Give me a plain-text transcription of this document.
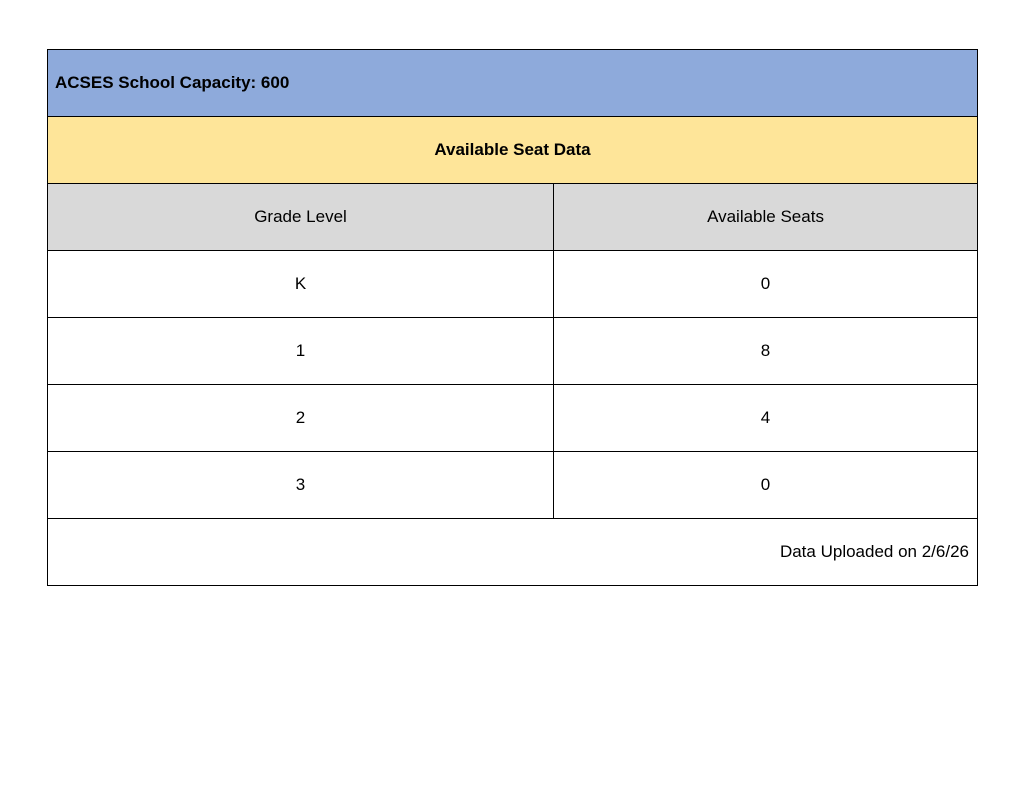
ACSES School Capacity: 600	
Available Seat Data	
Grade Level	Available Seats
K	0
1	8
2	4
3	0
Data Uploaded on 2/6/26	
